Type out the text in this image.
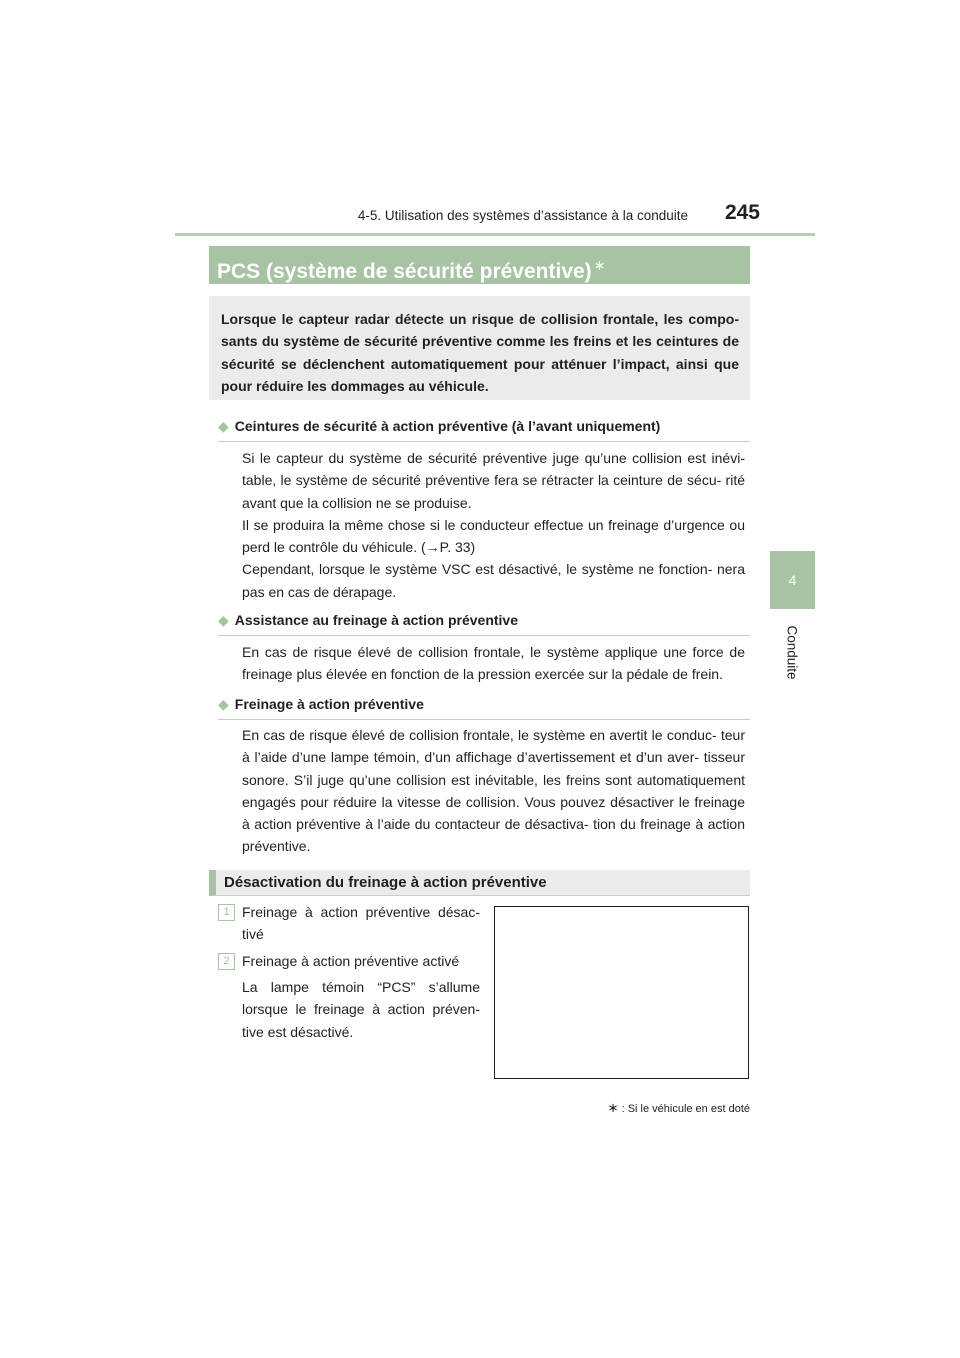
4-5. Utilisation des systèmes d’assistance à la conduite	245
4
Conduite
PCS (système de sécurité préventive) ∗
Lorsque le capteur radar détecte un risque de collision frontale, les compo- sants du système de sécurité préventive comme les freins et les ceintures de sécurité se déclenchent automatiquement pour atténuer l’impact, ainsi que pour réduire les dommages au véhicule.
◆ Ceintures de sécurité à action préventive (à l’avant uniquement)

Si le capteur du système de sécurité préventive juge qu’une collision est inévi- table, le système de sécurité préventive fera se rétracter la ceinture de sécu- rité avant que la collision ne se produise.

Il se produira la même chose si le conducteur effectue un freinage d’urgence ou perd le contrôle du véhicule. (→P. 33)

Cependant, lorsque le système VSC est désactivé, le système ne fonction- nera pas en cas de dérapage.

◆ Assistance au freinage à action préventive

En cas de risque élevé de collision frontale, le système applique une force de freinage plus élevée en fonction de la pression exercée sur la pédale de frein.

◆ Freinage à action préventive

En cas de risque élevé de collision frontale, le système en avertit le conduc- teur à l’aide d’une lampe témoin, d’un affichage d’avertissement et d’un aver- tisseur sonore. S’il juge qu’une collision est inévitable, les freins sont automatiquement engagés pour réduire la vitesse de collision. Vous pouvez désactiver le freinage à action préventive à l’aide du contacteur de désactiva- tion du freinage à action préventive.

Désactivation du freinage à action préventive
1 Freinage à action préventive désac- tivé
2 Freinage à action préventive activé
La lampe témoin “PCS” s’allume lorsque le freinage à action préven- tive est désactivé.
∗ : Si le véhicule en est doté
